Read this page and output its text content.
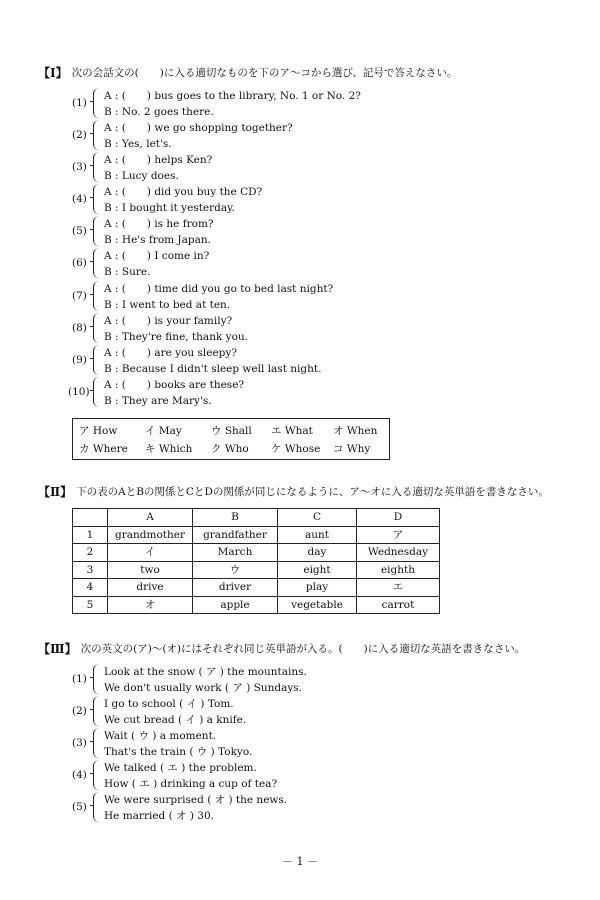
【Ⅰ】 次の会話文の(　　)に入る適切なものを下のア〜コから選び、記号で答えなさい。
(1)
A : (　　) bus goes to the library, No. 1 or No. 2?
B : No. 2 goes there.
(2)
A : (　　) we go shopping together?
B : Yes, let's.
(3)
A : (　　) helps Ken?
B : Lucy does.
(4)
A : (　　) did you buy the CD?
B : I bought it yesterday.
(5)
A : (　　) is he from?
B : He's from Japan.
(6)
A : (　　) I come in?
B : Sure.
(7)
A : (　　) time did you go to bed last night?
B : I went to bed at ten.
(8)
A : (　　) is your family?
B : They're fine, thank you.
(9)
A : (　　) are you sleepy?
B : Because I didn't sleep well last night.
(10)
A : (　　) books are these?
B : They are Mary's.
ア How	イ May	ウ Shall エ What オ When
カ Where キ Which ク Who ケ Whose コ Why
【Ⅱ】 下の表のAとBの関係とCとDの関係が同じになるように、ア〜オに入る適切な英単語を書きなさい。
	A	B	C	D
1	grandmother	grandfather	aunt	ア
2	イ	March	day	Wednesday
3	two	ウ	eight	eighth
4	drive	driver	play	エ
5	オ	apple	vegetable	carrot
【Ⅲ】 次の英文の(ア)〜(オ)にはそれぞれ同じ英単語が入る。(　　)に入る適切な英語を書きなさい。
(1)
Look at the snow ( ア ) the mountains.
We don't usually work ( ア ) Sundays.
(2)
I go to school ( イ ) Tom.
We cut bread ( イ ) a knife.
(3)
Wait ( ウ ) a moment.
That's the train ( ウ ) Tokyo.
(4)
We talked ( エ ) the problem.
How ( エ ) drinking a cup of tea?
(5)
We were surprised ( オ ) the news.
He married ( オ ) 30.
－ 1 －
